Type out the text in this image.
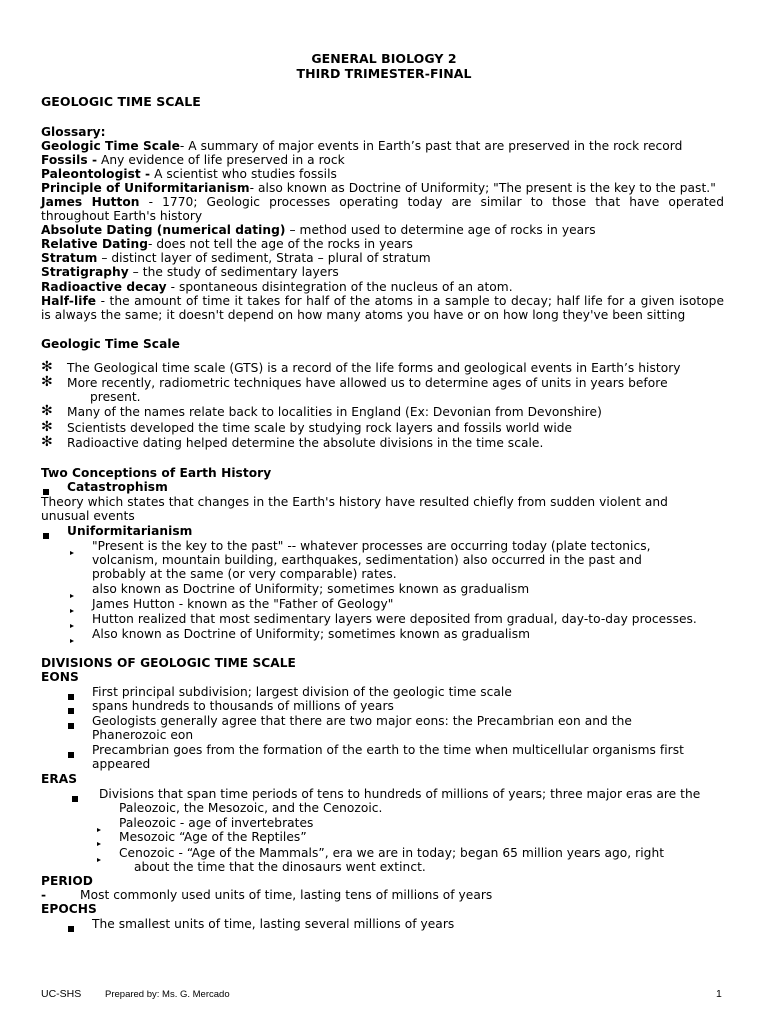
GENERAL BIOLOGY 2
THIRD TRIMESTER-FINAL
GEOLOGIC TIME SCALE
Glossary:
Geologic Time Scale- A summary of major events in Earth’s past that are preserved in the rock record
Fossils - Any evidence of life preserved in a rock
Paleontologist - A scientist who studies fossils
Principle of Uniformitarianism- also known as Doctrine of Uniformity; "The present is the key to the past."
James Hutton - 1770; Geologic processes operating today are similar to those that have operated
throughout Earth's history
Absolute Dating (numerical dating) – method used to determine age of rocks in years
Relative Dating- does not tell the age of the rocks in years
Stratum – distinct layer of sediment, Strata – plural of stratum
Stratigraphy – the study of sedimentary layers
Radioactive decay - spontaneous disintegration of the nucleus of an atom.
Half-life - the amount of time it takes for half of the atoms in a sample to decay; half life for a given isotope
is always the same; it doesn't depend on how many atoms you have or on how long they've been sitting
Geologic Time Scale
✻ The Geological time scale (GTS) is a record of the life forms and geological events in Earth’s history
✻ More recently, radiometric techniques have allowed us to determine ages of units in years before
present.
✻ Many of the names relate back to localities in England (Ex: Devonian from Devonshire)
✻ Scientists developed the time scale by studying rock layers and fossils world wide
✻ Radioactive dating helped determine the absolute divisions in the time scale.
Two Conceptions of Earth History
Catastrophism
Theory which states that changes in the Earth's history have resulted chiefly from sudden violent and
unusual events
Uniformitarianism
"Present is the key to the past" -- whatever processes are occurring today (plate tectonics,
volcanism, mountain building, earthquakes, sedimentation) also occurred in the past and
probably at the same (or very comparable) rates.
also known as Doctrine of Uniformity; sometimes known as gradualism
James Hutton - known as the "Father of Geology"
Hutton realized that most sedimentary layers were deposited from gradual, day-to-day processes.
Also known as Doctrine of Uniformity; sometimes known as gradualism
DIVISIONS OF GEOLOGIC TIME SCALE
EONS
First principal subdivision; largest division of the geologic time scale
spans hundreds to thousands of millions of years
Geologists generally agree that there are two major eons: the Precambrian eon and the
Phanerozoic eon
Precambrian goes from the formation of the earth to the time when multicellular organisms first
appeared
ERAS
Divisions that span time periods of tens to hundreds of millions of years; three major eras are the
Paleozoic, the Mesozoic, and the Cenozoic.
Paleozoic - age of invertebrates
Mesozoic “Age of the Reptiles”
Cenozoic - “Age of the Mammals”, era we are in today; began 65 million years ago, right
about the time that the dinosaurs went extinct.
PERIOD
-	Most commonly used units of time, lasting tens of millions of years
EPOCHS
The smallest units of time, lasting several millions of years
UC-SHS Prepared by: Ms. G. Mercado	1
